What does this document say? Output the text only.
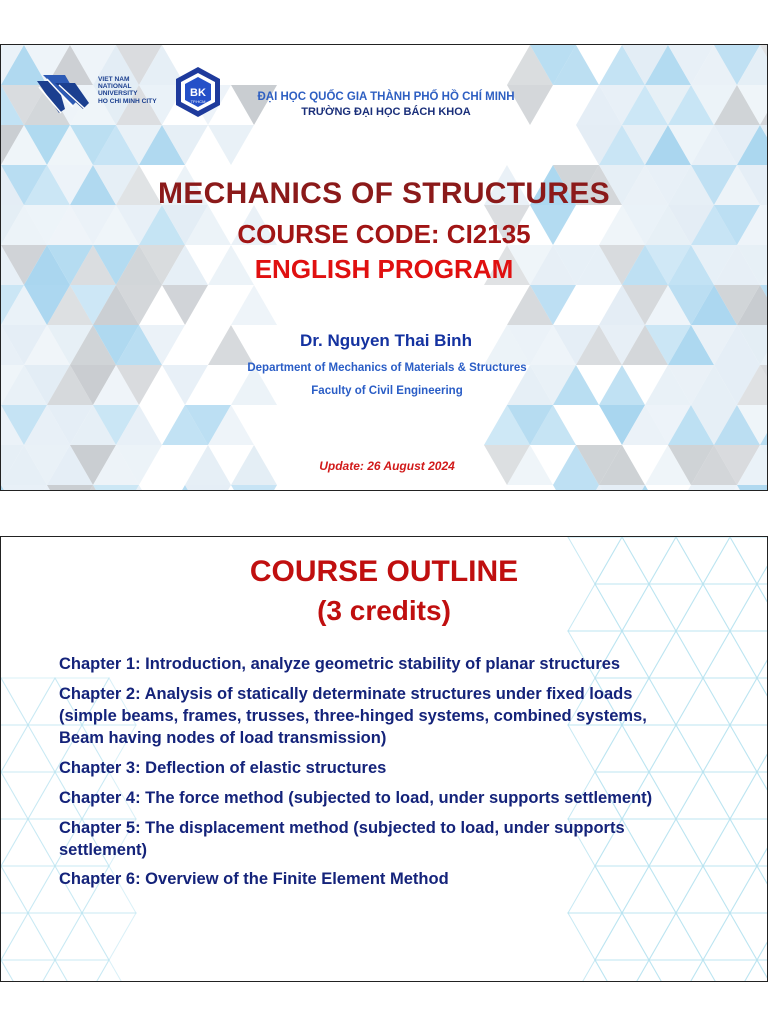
VIET NAM
NATIONAL
UNIVERSITY
HO CHI MINH CITY
BK
TP.HCM	ĐẠI HỌC QUỐC GIA THÀNH PHỐ HỒ CHÍ MINH
TRƯỜNG ĐẠI HỌC BÁCH KHOA
MECHANICS OF STRUCTURES
COURSE CODE: CI2135
ENGLISH PROGRAM
Dr. Nguyen Thai Binh
Department of Mechanics of Materials & Structures
Faculty of Civil Engineering
Update: 26 August 2024
COURSE OUTLINE
(3 credits)
Chapter 1: Introduction, analyze geometric stability of planar structures
Chapter 2: Analysis of statically determinate structures under fixed loads
(simple beams, frames, trusses, three-hinged systems, combined systems,
Beam having nodes of load transmission)
Chapter 3: Deflection of elastic structures
Chapter 4: The force method (subjected to load, under supports settlement)
Chapter 5: The displacement method (subjected to load, under supports
settlement)
Chapter 6: Overview of the Finite Element Method
